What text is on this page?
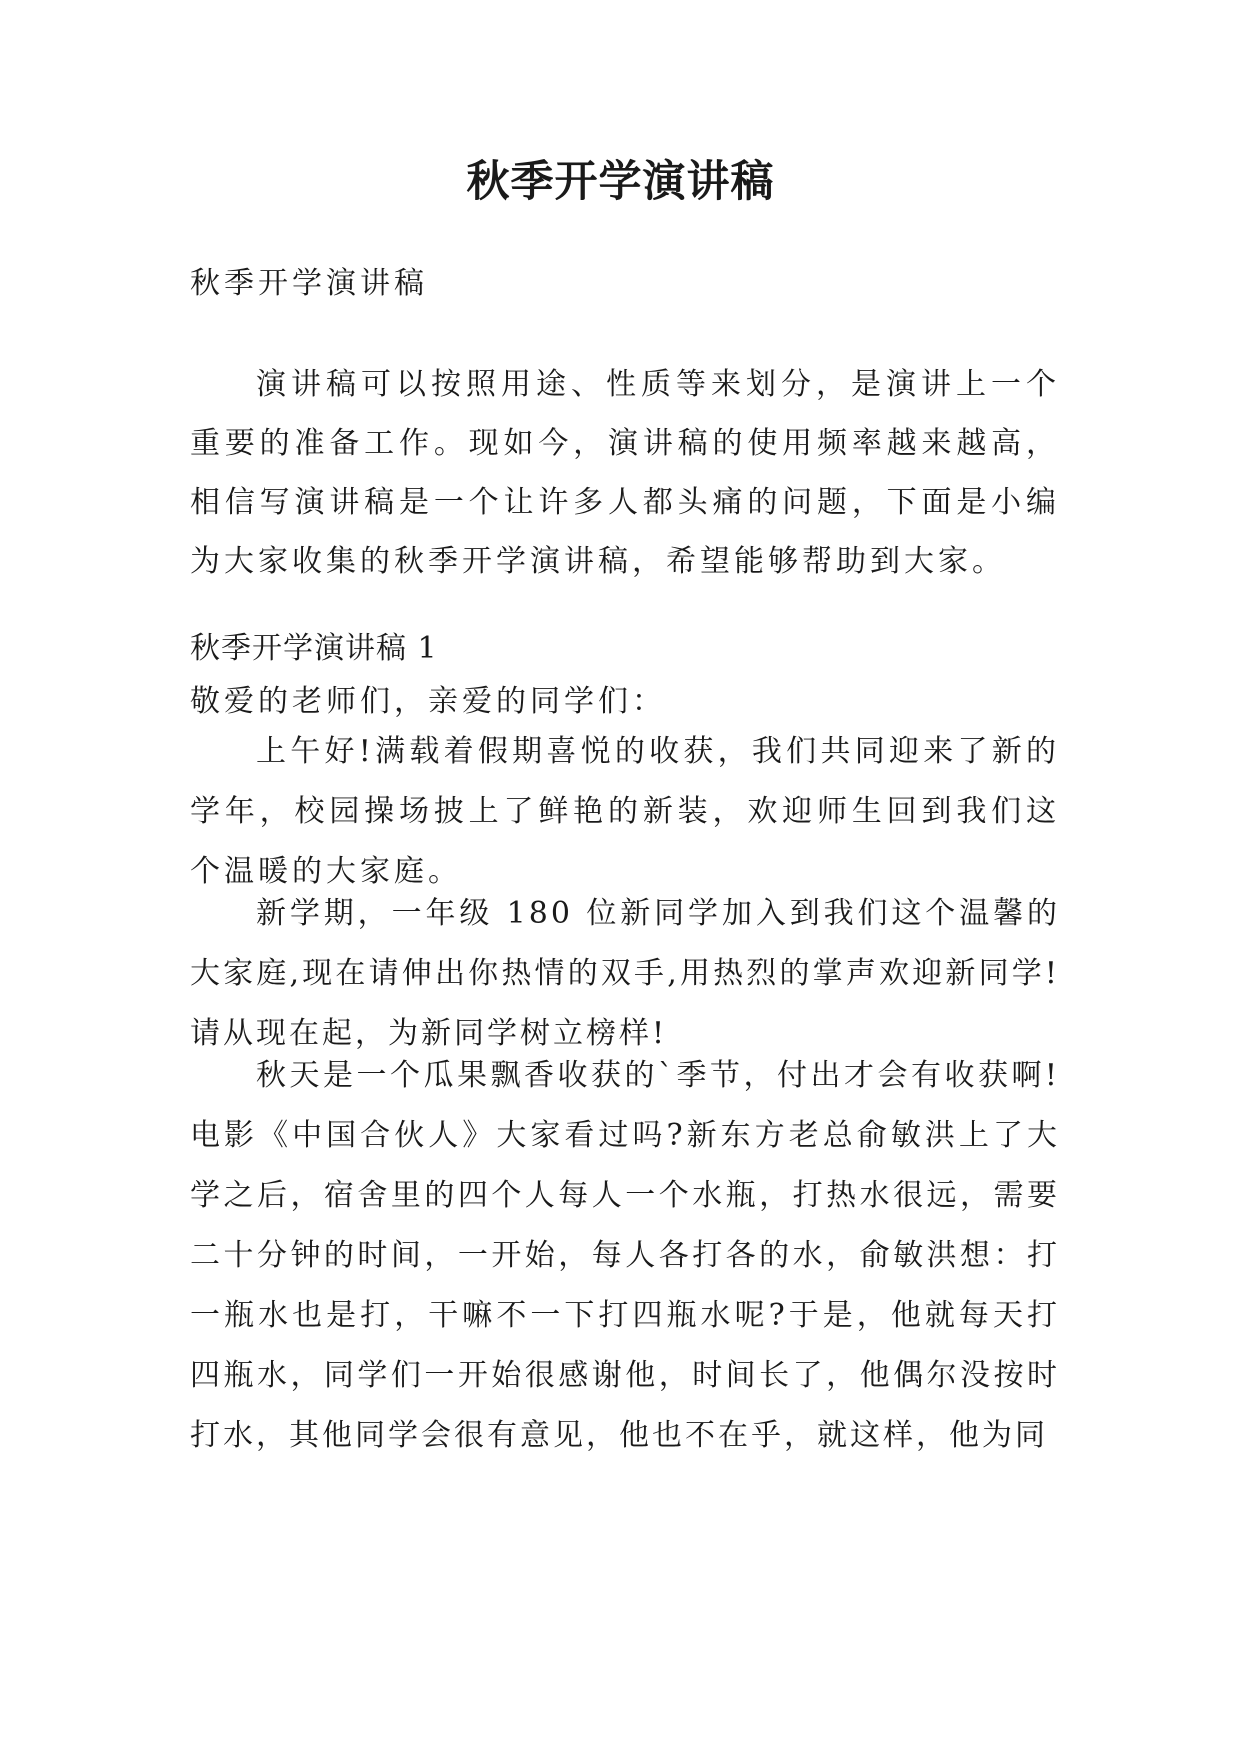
秋季开学演讲稿
秋季开学演讲稿

演讲稿可以按照用途、性质等来划分，是演讲上一个重要的准备工作。现如今，演讲稿的使用频率越来越高，相信写演讲稿是一个让许多人都头痛的问题，下面是小编为大家收集的秋季开学演讲稿，希望能够帮助到大家。

秋季开学演讲稿 1
敬爱的老师们，亲爱的同学们：

上午好!满载着假期喜悦的收获，我们共同迎来了新的学年，校园操场披上了鲜艳的新装，欢迎师生回到我们这个温暖的大家庭。

新学期，一年级 180 位新同学加入到我们这个温馨的大家庭,现在请伸出你热情的双手,用热烈的掌声欢迎新同学!请从现在起，为新同学树立榜样!

秋天是一个瓜果飘香收获的`季节，付出才会有收获啊!电影《中国合伙人》大家看过吗?新东方老总俞敏洪上了大学之后，宿舍里的四个人每人一个水瓶，打热水很远，需要二十分钟的时间，一开始，每人各打各的水，俞敏洪想：打一瓶水也是打，干嘛不一下打四瓶水呢?于是，他就每天打四瓶水，同学们一开始很感谢他，时间长了，他偶尔没按时打水，其他同学会很有意见，他也不在乎，就这样，他为同
